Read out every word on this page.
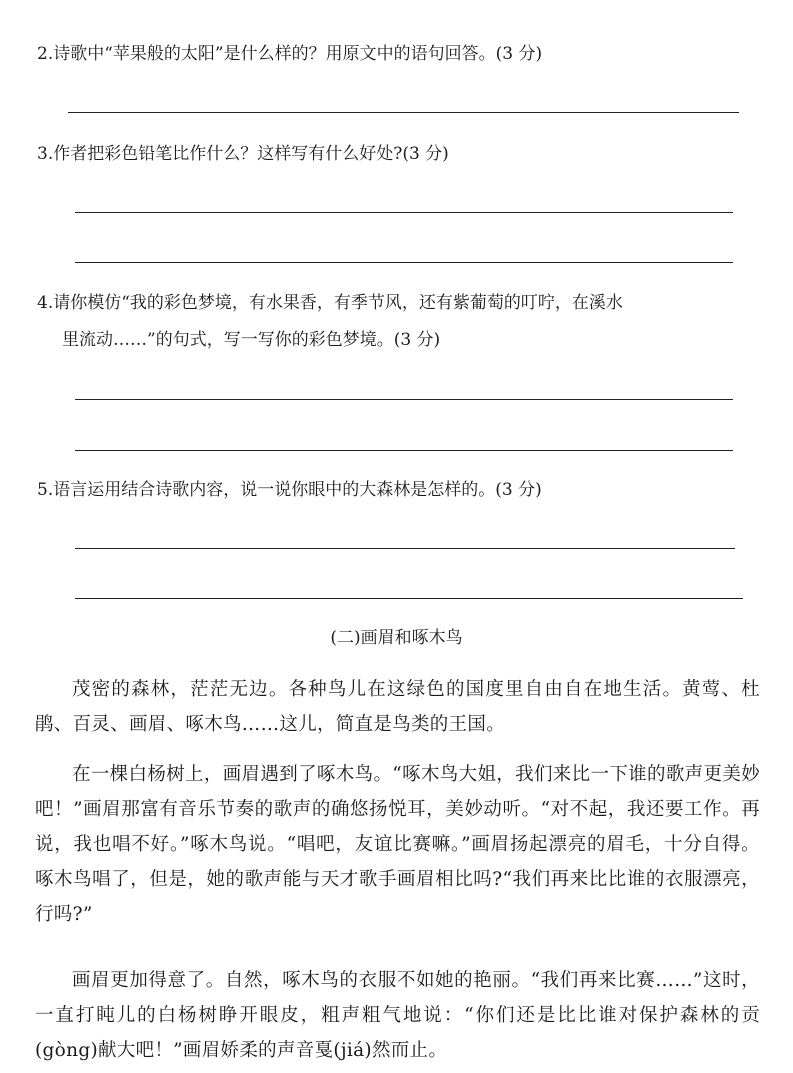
2.诗歌中“苹果般的太阳”是什么样的？用原文中的语句回答。(3 分)
3.作者把彩色铅笔比作什么？这样写有什么好处?(3 分)
4.请你模仿“我的彩色梦境，有水果香，有季节风，还有紫葡萄的叮咛，在溪水
里流动……”的句式，写一写你的彩色梦境。(3 分)
5.语言运用结合诗歌内容，说一说你眼中的大森林是怎样的。(3 分)
(二)画眉和啄木鸟

茂密的森林，茫茫无边。各种鸟儿在这绿色的国度里自由自在地生活。黄莺、杜鹃、百灵、画眉、啄木鸟……这儿，简直是鸟类的王国。

在一棵白杨树上，画眉遇到了啄木鸟。“啄木鸟大姐，我们来比一下谁的歌声更美妙吧！”画眉那富有音乐节奏的歌声的确悠扬悦耳，美妙动听。“对不起，我还要工作。再说，我也唱不好。”啄木鸟说。“唱吧，友谊比赛嘛。”画眉扬起漂亮的眉毛，十分自得。啄木鸟唱了，但是，她的歌声能与天才歌手画眉相比吗?“我们再来比比谁的衣服漂亮，行吗?”

画眉更加得意了。自然，啄木鸟的衣服不如她的艳丽。“我们再来比赛……”这时，一直打盹儿的白杨树睁开眼皮，粗声粗气地说：“你们还是比比谁对保护森林的贡(gòng)献大吧！”画眉娇柔的声音戛(jiá)然而止。
